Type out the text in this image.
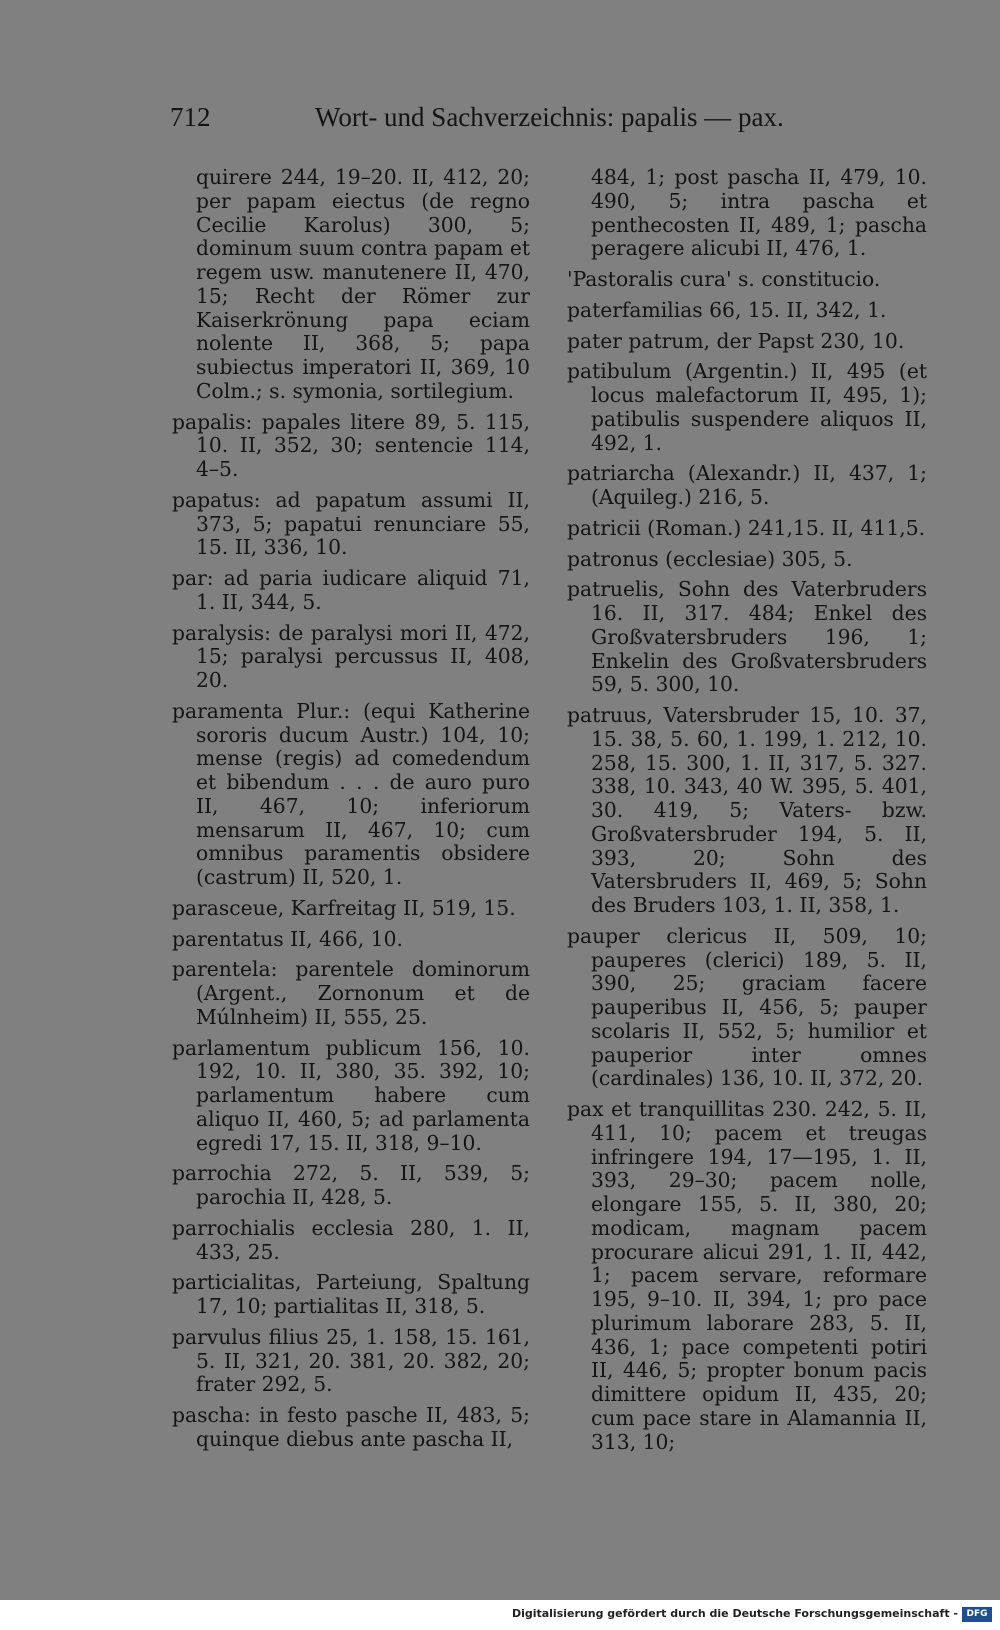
712	Wort- und Sachverzeichnis: papalis — pax.

quirere 244, 19–20. II, 412, 20; per papam eiectus (de regno Cecilie Karolus) 300, 5; dominum suum contra papam et regem usw. manutenere II, 470, 15; Recht der Römer zur Kaiserkrönung papa eciam nolente II, 368, 5; papa subiectus imperatori II, 369, 10 Colm.; s. symonia, sortilegium.

papalis: papales litere 89, 5. 115, 10. II, 352, 30; sentencie 114, 4–5.

papatus: ad papatum assumi II, 373, 5; papatui renunciare 55, 15. II, 336, 10.

par: ad paria iudicare aliquid 71, 1. II, 344, 5.

paralysis: de paralysi mori II, 472, 15; paralysi percussus II, 408, 20.

paramenta Plur.: (equi Katherine sororis ducum Austr.) 104, 10; mense (regis) ad comedendum et bibendum . . . de auro puro II, 467, 10; inferiorum mensarum II, 467, 10; cum omnibus paramentis obsidere (castrum) II, 520, 1.

parasceue, Karfreitag II, 519, 15.

parentatus II, 466, 10.

parentela: parentele dominorum (Argent., Zornonum et de Múlnheim) II, 555, 25.

parlamentum publicum 156, 10. 192, 10. II, 380, 35. 392, 10; parlamentum habere cum aliquo II, 460, 5; ad parlamenta egredi 17, 15. II, 318, 9–10.

parrochia 272, 5. II, 539, 5; parochia II, 428, 5.

parrochialis ecclesia 280, 1. II, 433, 25.

particialitas, Parteiung, Spaltung 17, 10; partialitas II, 318, 5.

parvulus filius 25, 1. 158, 15. 161, 5. II, 321, 20. 381, 20. 382, 20; frater 292, 5.

pascha: in festo pasche II, 483, 5; quinque diebus ante pascha II,

484, 1; post pascha II, 479, 10. 490, 5; intra pascha et penthecosten II, 489, 1; pascha peragere alicubi II, 476, 1.

'Pastoralis cura' s. constitucio.

paterfamilias 66, 15. II, 342, 1.

pater patrum, der Papst 230, 10.

patibulum (Argentin.) II, 495 (et locus malefactorum II, 495, 1); patibulis suspendere aliquos II, 492, 1.

patriarcha (Alexandr.) II, 437, 1; (Aquileg.) 216, 5.

patricii (Roman.) 241,15. II, 411,5.

patronus (ecclesiae) 305, 5.

patruelis, Sohn des Vaterbruders 16. II, 317. 484; Enkel des Großvatersbruders 196, 1; Enkelin des Großvatersbruders 59, 5. 300, 10.

patruus, Vatersbruder 15, 10. 37, 15. 38, 5. 60, 1. 199, 1. 212, 10. 258, 15. 300, 1. II, 317, 5. 327. 338, 10. 343, 40 W. 395, 5. 401, 30. 419, 5; Vaters- bzw. Großvatersbruder 194, 5. II, 393, 20; Sohn des Vatersbruders II, 469, 5; Sohn des Bruders 103, 1. II, 358, 1.

pauper clericus II, 509, 10; pauperes (clerici) 189, 5. II, 390, 25; graciam facere pauperibus II, 456, 5; pauper scolaris II, 552, 5; humilior et pauperior inter omnes (cardinales) 136, 10. II, 372, 20.

pax et tranquillitas 230. 242, 5. II, 411, 10; pacem et treugas infringere 194, 17—195, 1. II, 393, 29–30; pacem nolle, elongare 155, 5. II, 380, 20; modicam, magnam pacem procurare alicui 291, 1. II, 442, 1; pacem servare, reformare 195, 9–10. II, 394, 1; pro pace plurimum laborare 283, 5. II, 436, 1; pace competenti potiri II, 446, 5; propter bonum pacis dimittere opidum II, 435, 20; cum pace stare in Alamannia II, 313, 10;

Digitalisierung gefördert durch die Deutsche Forschungsgemeinschaft - DFG
